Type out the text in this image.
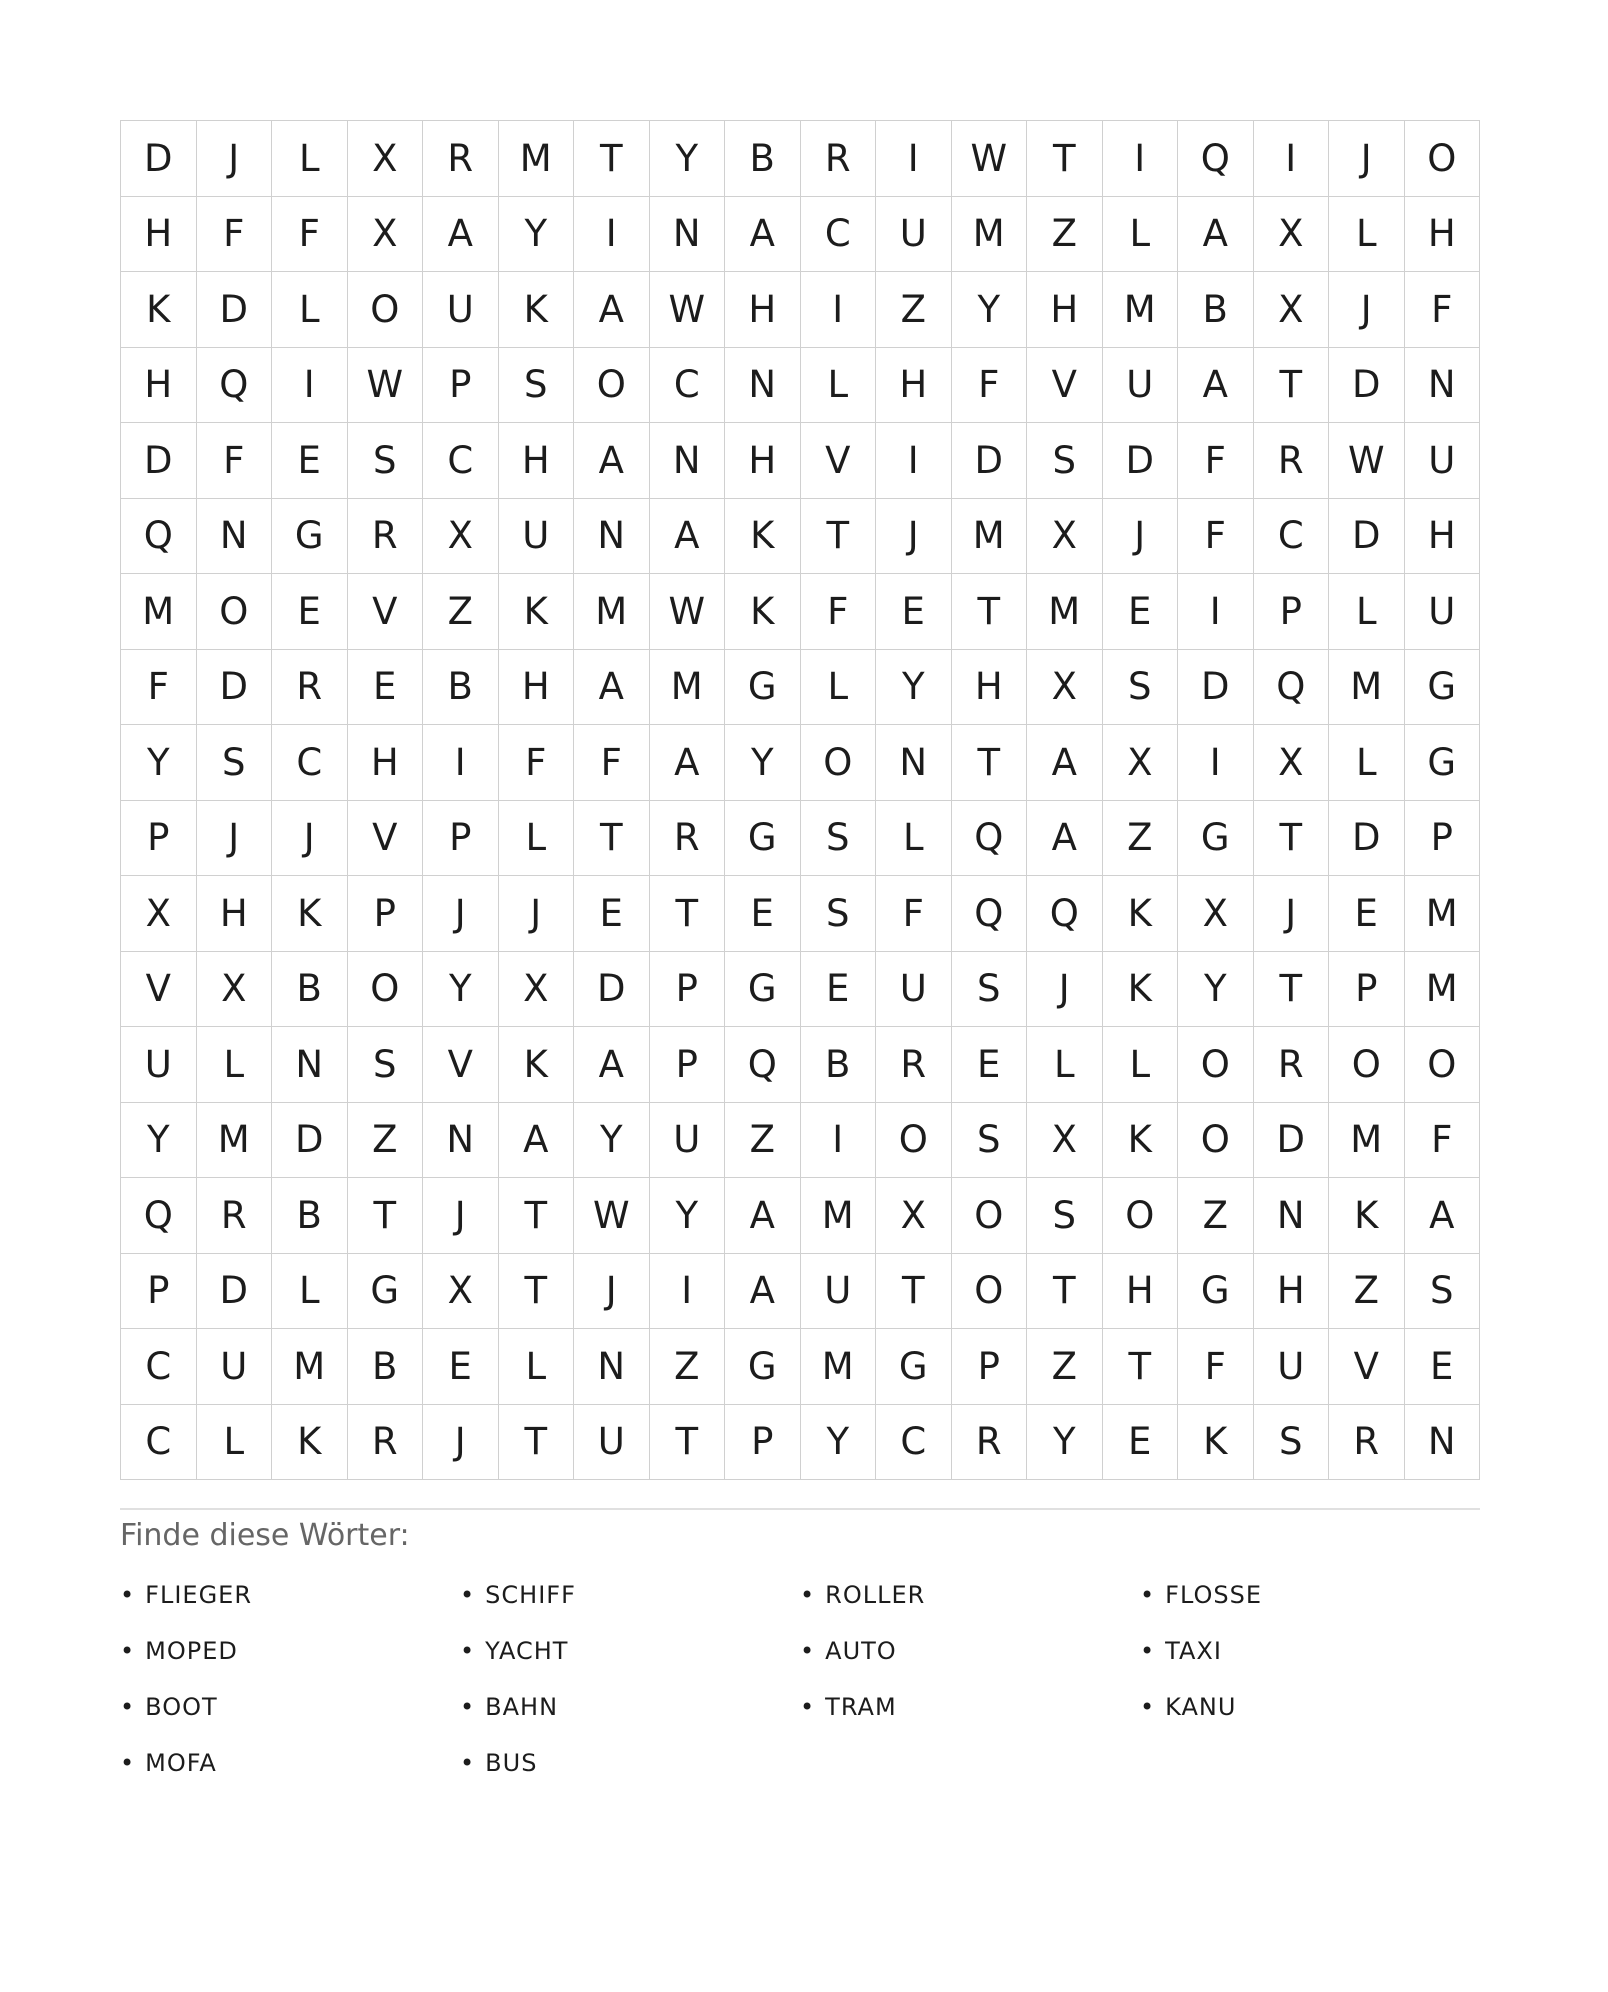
D	J	L	X	R	M	T	Y	B	R	I	W	T	I	Q	I	J	O
H	F	F	X	A	Y	I	N	A	C	U	M	Z	L	A	X	L	H
K	D	L	O	U	K	A	W	H	I	Z	Y	H	M	B	X	J	F
H	Q	I	W	P	S	O	C	N	L	H	F	V	U	A	T	D	N
D	F	E	S	C	H	A	N	H	V	I	D	S	D	F	R	W	U
Q	N	G	R	X	U	N	A	K	T	J	M	X	J	F	C	D	H
M	O	E	V	Z	K	M	W	K	F	E	T	M	E	I	P	L	U
F	D	R	E	B	H	A	M	G	L	Y	H	X	S	D	Q	M	G
Y	S	C	H	I	F	F	A	Y	O	N	T	A	X	I	X	L	G
P	J	J	V	P	L	T	R	G	S	L	Q	A	Z	G	T	D	P
X	H	K	P	J	J	E	T	E	S	F	Q	Q	K	X	J	E	M
V	X	B	O	Y	X	D	P	G	E	U	S	J	K	Y	T	P	M
U	L	N	S	V	K	A	P	Q	B	R	E	L	L	O	R	O	O
Y	M	D	Z	N	A	Y	U	Z	I	O	S	X	K	O	D	M	F
Q	R	B	T	J	T	W	Y	A	M	X	O	S	O	Z	N	K	A
P	D	L	G	X	T	J	I	A	U	T	O	T	H	G	H	Z	S
C	U	M	B	E	L	N	Z	G	M	G	P	Z	T	F	U	V	E
C	L	K	R	J	T	U	T	P	Y	C	R	Y	E	K	S	R	N
Finde diese Wörter:
• FLIEGER	• SCHIFF	• ROLLER	• FLOSSE
• MOPED	• YACHT	• AUTO	• TAXI
• BOOT	• BAHN	• TRAM	• KANU
• MOFA	• BUS
